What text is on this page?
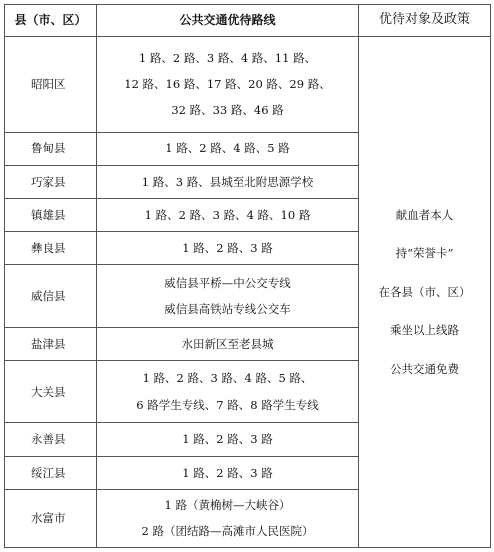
县（市、区）	公共交通优待路线	优待对象及政策
昭阳区	1 路、2 路、3 路、4 路、11 路、
12 路、16 路、17 路、20 路、29 路、
32 路、33 路、46 路	献血者本人
持“荣誉卡”
在各县（市、区）
乘坐以上线路
公共交通免费

鲁甸县	1 路、2 路、4 路、5 路	

巧家县	1 路、3 路、县城至北附思源学校	

镇雄县	1 路、2 路、3 路、4 路、10 路	

彝良县	1 路、2 路、3 路	

威信县	威信县平桥—中公交专线
威信县高铁站专线公交车	

盐津县	水田新区至老县城	

大关县	1 路、2 路、3 路、4 路、5 路、
6 路学生专线、7 路、8 路学生专线	

永善县	1 路、2 路、3 路	

绥江县	1 路、2 路、3 路	

水富市	1 路（黄桷树—大峡谷）
2 路（团结路—高滩市人民医院）	
